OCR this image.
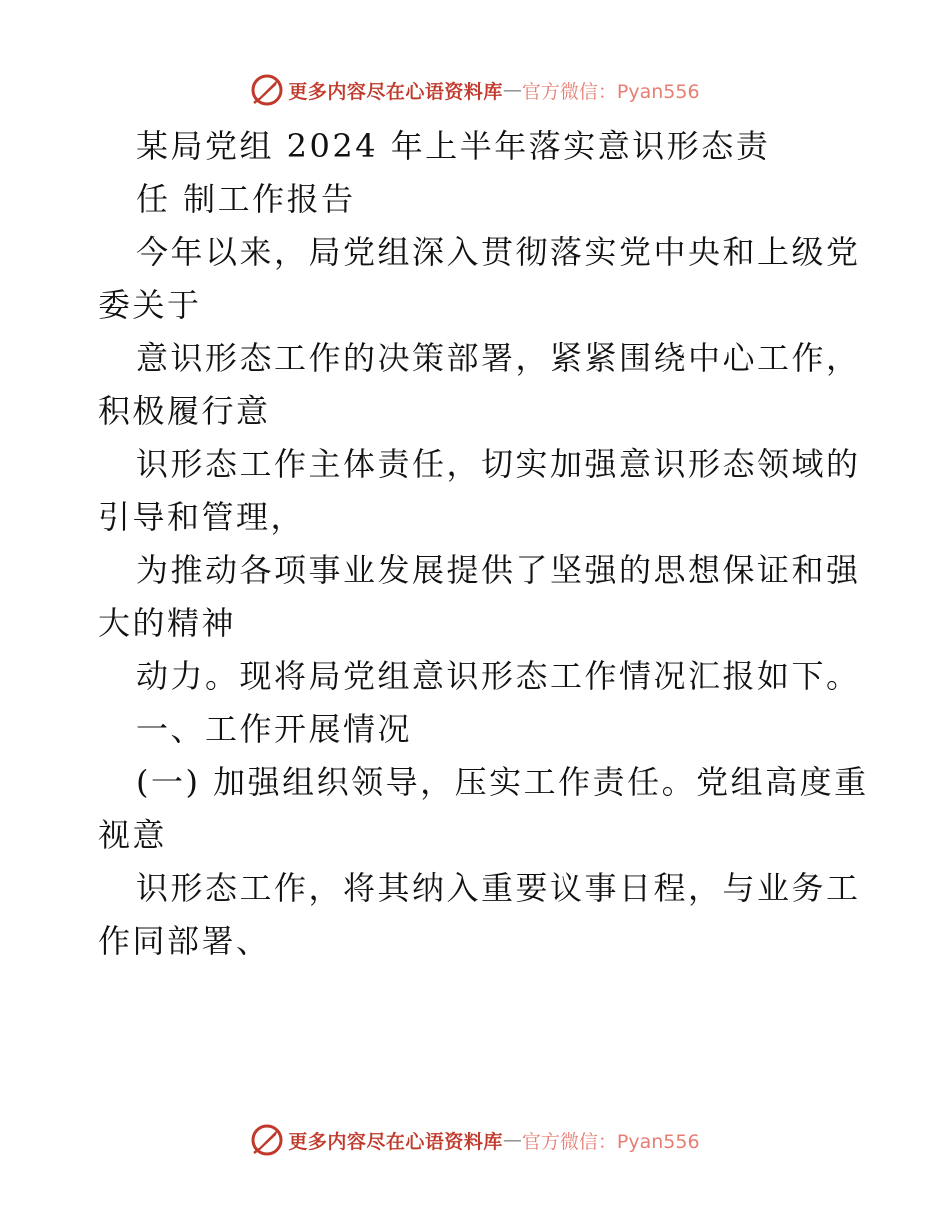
更多内容尽在心语资料库 — 官方微信：Pyan556
某局党组 2024 年上半年落实意识形态责
任 制工作报告
今年以来，局党组深入贯彻落实党中央和上级党
委关于
意识形态工作的决策部署，紧紧围绕中心工作，
积极履行意
识形态工作主体责任，切实加强意识形态领域的
引导和管理，
为推动各项事业发展提供了坚强的思想保证和强
大的精神
动力。现将局党组意识形态工作情况汇报如下。
一、工作开展情况
(一) 加强组织领导，压实工作责任。党组高度重
视意
识形态工作，将其纳入重要议事日程，与业务工
作同部署、
更多内容尽在心语资料库 — 官方微信：Pyan556
